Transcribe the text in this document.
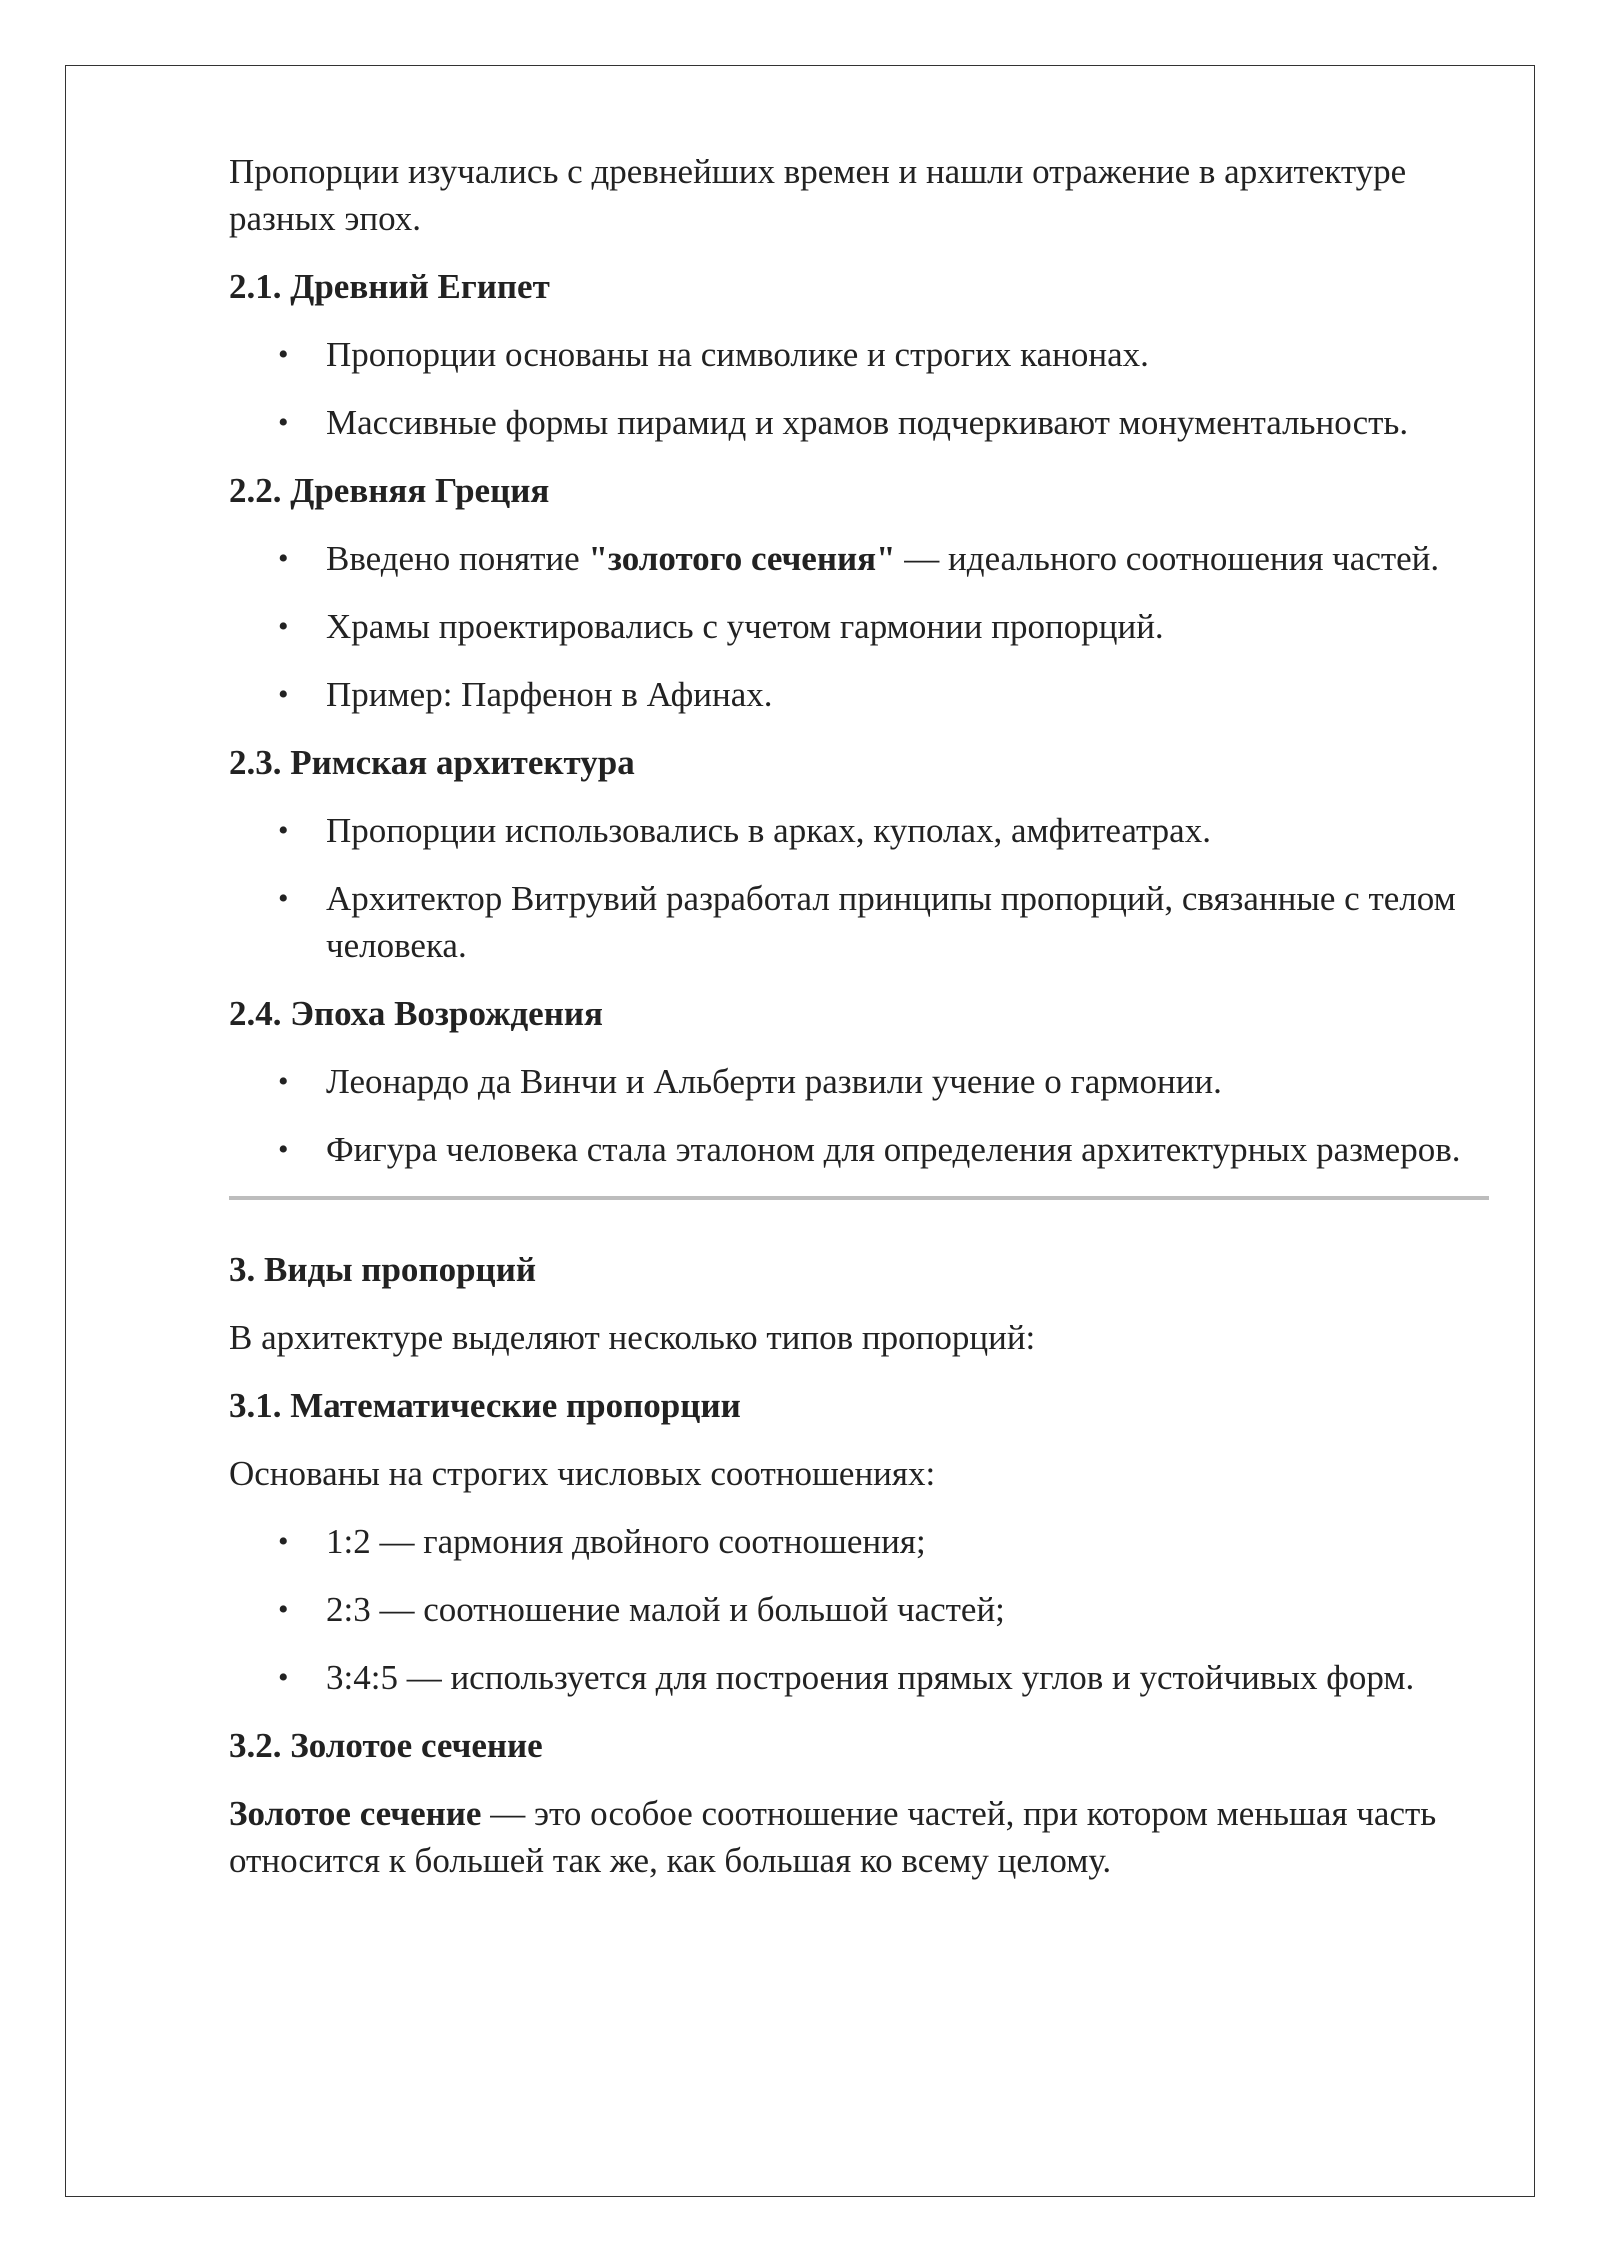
Пропорции изучались с древнейших времен и нашли отражение в архитектуре разных эпох.

2.1. Древний Египет
• Пропорции основаны на символике и строгих канонах.
• Массивные формы пирамид и храмов подчеркивают монументальность.
2.2. Древняя Греция
• Введено понятие "золотого сечения" — идеального соотношения частей.
• Храмы проектировались с учетом гармонии пропорций.
• Пример: Парфенон в Афинах.
2.3. Римская архитектура
• Пропорции использовались в арках, куполах, амфитеатрах.
• Архитектор Витрувий разработал принципы пропорций, связанные с телом человека.
2.4. Эпоха Возрождения
• Леонардо да Винчи и Альберти развили учение о гармонии.
• Фигура человека стала эталоном для определения архитектурных размеров.
3. Виды пропорций

В архитектуре выделяют несколько типов пропорций:

3.1. Математические пропорции

Основаны на строгих числовых соотношениях:

• 1:2 — гармония двойного соотношения;
• 2:3 — соотношение малой и большой частей;
• 3:4:5 — используется для построения прямых углов и устойчивых форм.
3.2. Золотое сечение

Золотое сечение — это особое соотношение частей, при котором меньшая часть относится к большей так же, как большая ко всему целому.
